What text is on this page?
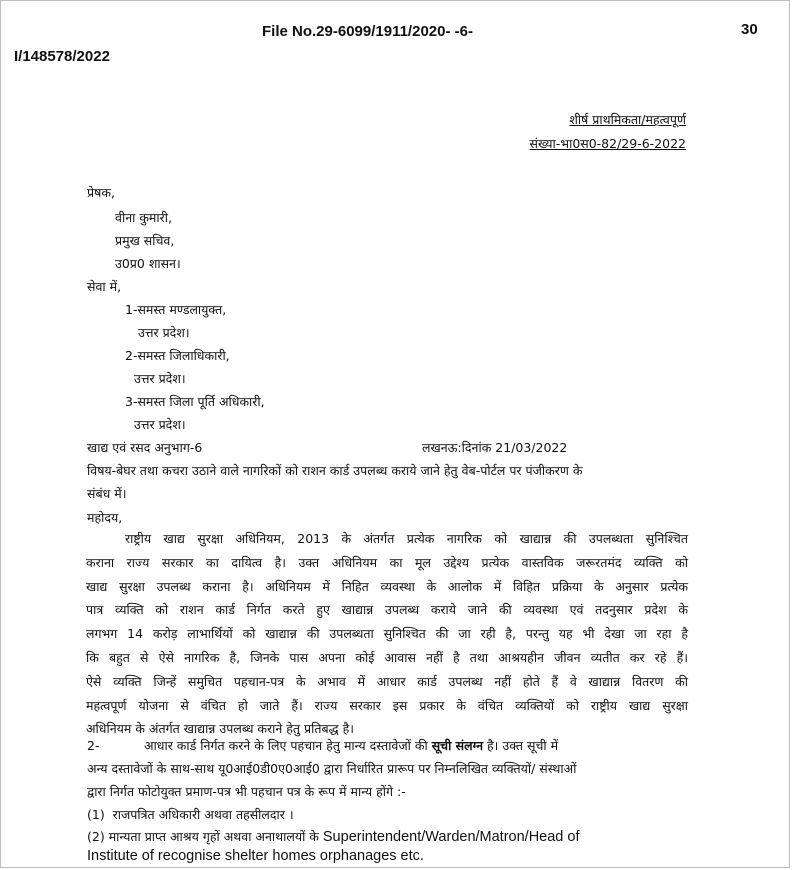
File No.29-6099/1911/2020- -6-	30
I/148578/2022
शीर्ष प्राथमिकता/महत्वपूर्ण
संख्या-भा0स0-82/29-6-2022
प्रेषक,
वीना कुमारी,
प्रमुख सचिव,
उ0प्र0 शासन।
सेवा में,
1-समस्त मण्डलायुक्त,
उत्तर प्रदेश।
2-समस्त जिलाधिकारी,
उत्तर प्रदेश।
3-समस्त जिला पूर्ति अधिकारी,
उत्तर प्रदेश।
खाद्य एवं रसद अनुभाग-6	लखनऊ:दिनांक 21/03/2022
विषय-बेघर तथा कचरा उठाने वाले नागरिकों को राशन कार्ड उपलब्ध कराये जाने हेतु वेब-पोर्टल पर पंजीकरण के
संबंध में।
महोदय,
राष्ट्रीय खाद्य सुरक्षा अधिनियम, 2013 के अंतर्गत प्रत्येक नागरिक को खाद्यान्न की उपलब्धता सुनिश्चित
कराना राज्य सरकार का दायित्व है। उक्त अधिनियम का मूल उद्देश्य प्रत्येक वास्तविक जरूरतमंद व्यक्ति को
खाद्य सुरक्षा उपलब्ध कराना है। अधिनियम में निहित व्यवस्था के आलोक में विहित प्रक्रिया के अनुसार प्रत्येक
पात्र व्यक्ति को राशन कार्ड निर्गत करते हुए खाद्यान्न उपलब्ध कराये जाने की व्यवस्था एवं तदनुसार प्रदेश के
लगभग 14 करोड़ लाभार्थियों को खाद्यान्न की उपलब्धता सुनिश्चित की जा रही है, परन्तु यह भी देखा जा रहा है
कि बहुत से ऐसे नागरिक है, जिनके पास अपना कोई आवास नहीं है तथा आश्रयहीन जीवन व्यतीत कर रहे हैं।
ऐसे व्यक्ति जिन्हें समुचित पहचान-पत्र के अभाव में आधार कार्ड उपलब्ध नहीं होते हैं वे खाद्यान्न वितरण की
महत्वपूर्ण योजना से वंचित हो जाते हैं। राज्य सरकार इस प्रकार के वंचित व्यक्तियों को राष्ट्रीय खाद्य सुरक्षा
अधिनियम के अंतर्गत खाद्यान्न उपलब्ध कराने हेतु प्रतिबद्ध है।
2-	आधार कार्ड निर्गत करने के लिए पहचान हेतु मान्य दस्तावेजों की सूची संलग्न है। उक्त सूची में
अन्य दस्तावेजों के साथ-साथ यू0आई0डी0ए0आई0 द्वारा निर्धारित प्रारूप पर निम्नलिखित व्यक्तियों/ संस्थाओं
द्वारा निर्गत फोटोयुक्त प्रमाण-पत्र भी पहचान पत्र के रूप में मान्य होंगे :-
(1) राजपत्रित अधिकारी अथवा तहसीलदार ।
(2) मान्यता प्राप्त आश्रय गृहों अथवा अनाथालयों के Superintendent/Warden/Matron/Head of
Institute of recognise shelter homes orphanages etc.
